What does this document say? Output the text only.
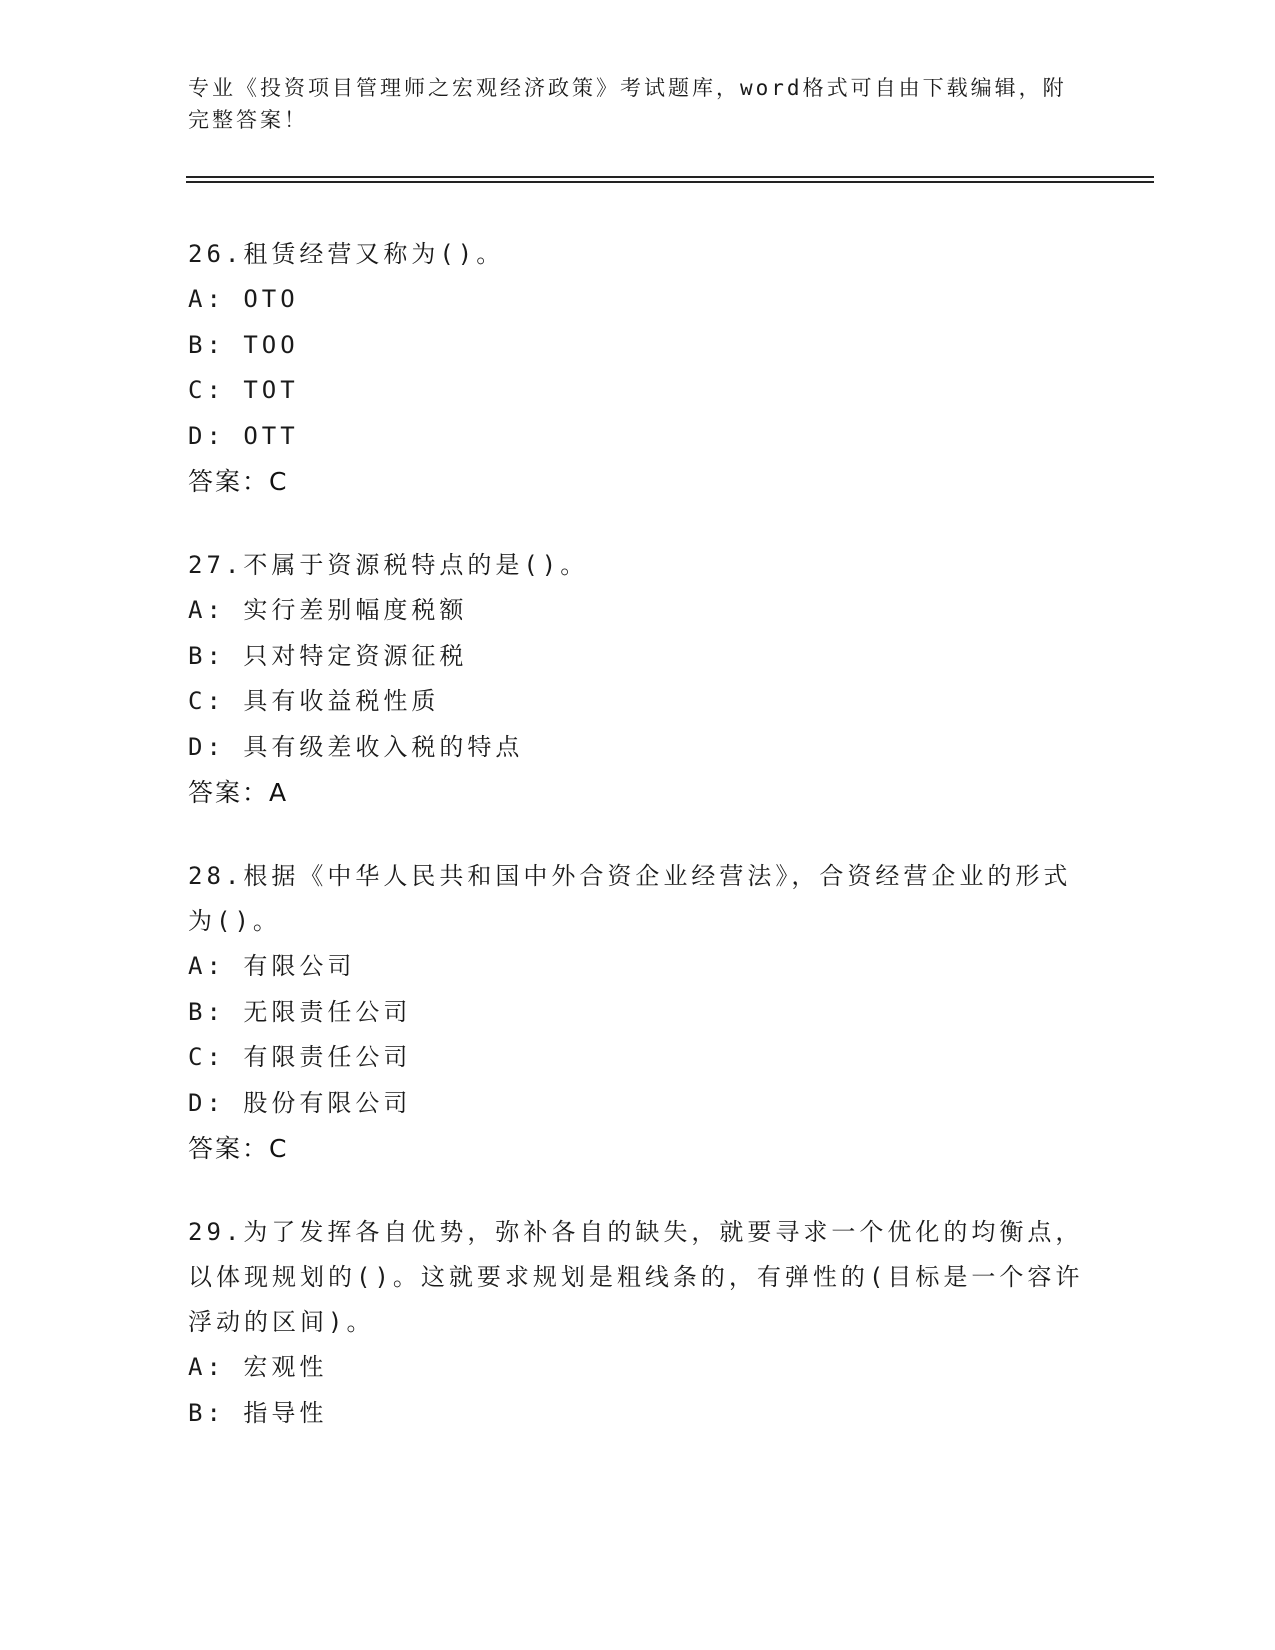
专业《投资项目管理师之宏观经济政策》考试题库，word格式可自由下载编辑，附完整答案！
26.租赁经营又称为()。
A: OTO
B: TOO
C: TOT
D: OTT
答案：C
27.不属于资源税特点的是()。
A: 实行差别幅度税额
B: 只对特定资源征税
C: 具有收益税性质
D: 具有级差收入税的特点
答案：A
28.根据《中华人民共和国中外合资企业经营法》，合资经营企业的形式为()。
A: 有限公司
B: 无限责任公司
C: 有限责任公司
D: 股份有限公司
答案：C
29.为了发挥各自优势，弥补各自的缺失，就要寻求一个优化的均衡点，以体现规划的()。这就要求规划是粗线条的，有弹性的(目标是一个容许浮动的区间)。
A: 宏观性
B: 指导性
